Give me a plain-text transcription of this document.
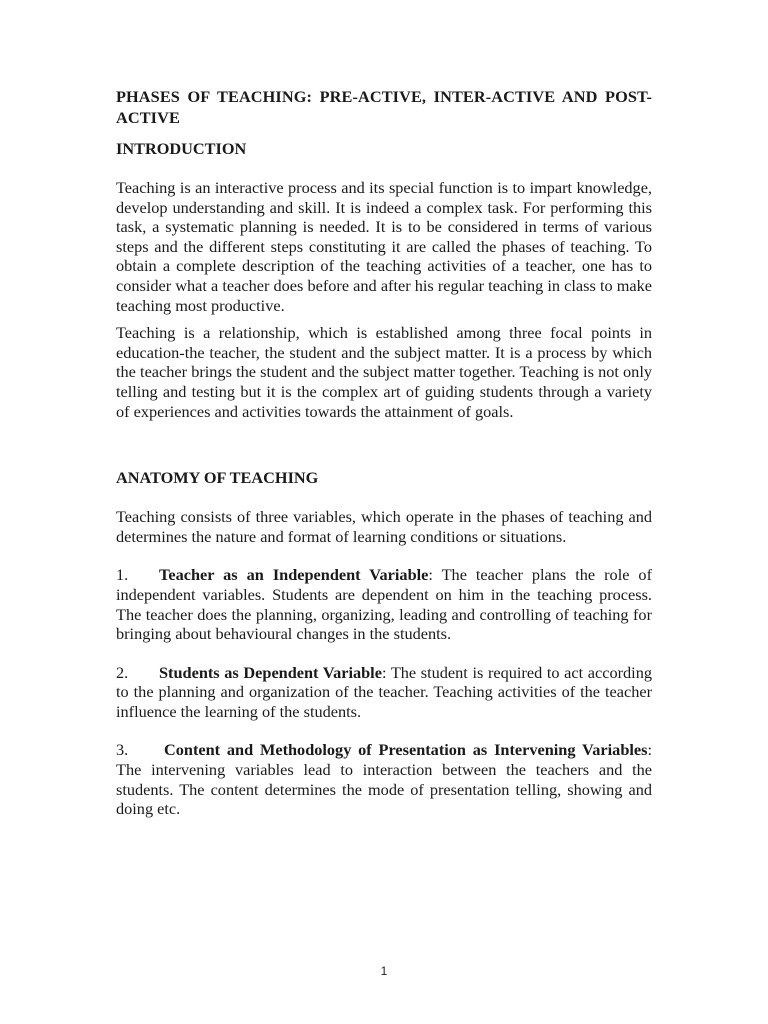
PHASES OF TEACHING: PRE-ACTIVE, INTER-ACTIVE AND POST-ACTIVE

INTRODUCTION

Teaching is an interactive process and its special function is to impart knowledge, develop understanding and skill. It is indeed a complex task. For performing this task, a systematic planning is needed. It is to be considered in terms of various steps and the different steps constituting it are called the phases of teaching. To obtain a complete description of the teaching activities of a teacher, one has to consider what a teacher does before and after his regular teaching in class to make teaching most productive.

Teaching is a relationship, which is established among three focal points in education-the teacher, the student and the subject matter. It is a process by which the teacher brings the student and the subject matter together. Teaching is not only telling and testing but it is the complex art of guiding students through a variety of experiences and activities towards the attainment of goals.

ANATOMY OF TEACHING

Teaching consists of three variables, which operate in the phases of teaching and determines the nature and format of learning conditions or situations.

1. Teacher as an Independent Variable: The teacher plans the role of independent variables. Students are dependent on him in the teaching process. The teacher does the planning, organizing, leading and controlling of teaching for bringing about behavioural changes in the students.

2. Students as Dependent Variable: The student is required to act according to the planning and organization of the teacher. Teaching activities of the teacher influence the learning of the students.

3. Content and Methodology of Presentation as Intervening Variables: The intervening variables lead to interaction between the teachers and the students. The content determines the mode of presentation telling, showing and doing etc.

1
